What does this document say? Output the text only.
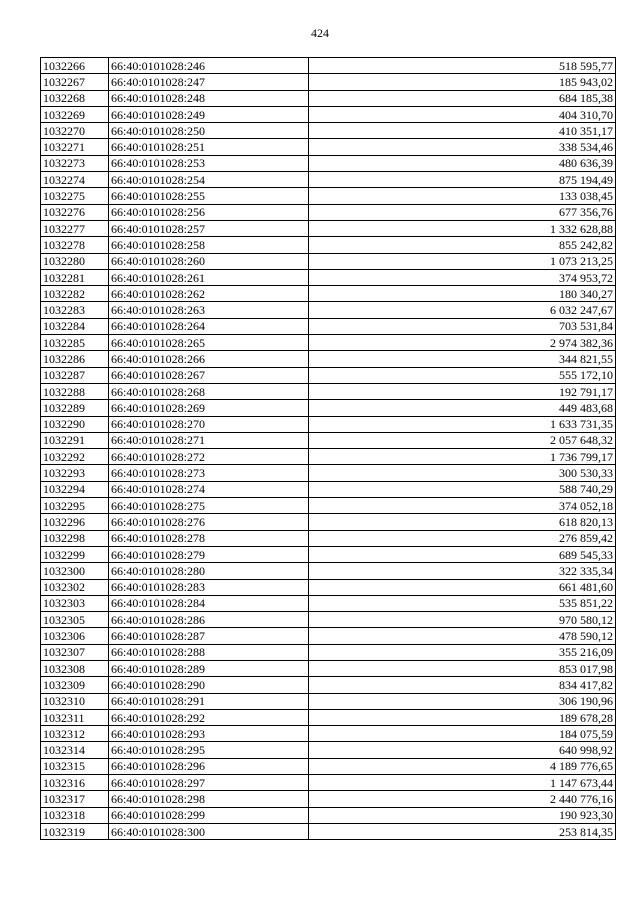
424
1032266	66:40:0101028:246	518 595,77
1032267	66:40:0101028:247	185 943,02
1032268	66:40:0101028:248	684 185,38
1032269	66:40:0101028:249	404 310,70
1032270	66:40:0101028:250	410 351,17
1032271	66:40:0101028:251	338 534,46
1032273	66:40:0101028:253	480 636,39
1032274	66:40:0101028:254	875 194,49
1032275	66:40:0101028:255	133 038,45
1032276	66:40:0101028:256	677 356,76
1032277	66:40:0101028:257	1 332 628,88
1032278	66:40:0101028:258	855 242,82
1032280	66:40:0101028:260	1 073 213,25
1032281	66:40:0101028:261	374 953,72
1032282	66:40:0101028:262	180 340,27
1032283	66:40:0101028:263	6 032 247,67
1032284	66:40:0101028:264	703 531,84
1032285	66:40:0101028:265	2 974 382,36
1032286	66:40:0101028:266	344 821,55
1032287	66:40:0101028:267	555 172,10
1032288	66:40:0101028:268	192 791,17
1032289	66:40:0101028:269	449 483,68
1032290	66:40:0101028:270	1 633 731,35
1032291	66:40:0101028:271	2 057 648,32
1032292	66:40:0101028:272	1 736 799,17
1032293	66:40:0101028:273	300 530,33
1032294	66:40:0101028:274	588 740,29
1032295	66:40:0101028:275	374 052,18
1032296	66:40:0101028:276	618 820,13
1032298	66:40:0101028:278	276 859,42
1032299	66:40:0101028:279	689 545,33
1032300	66:40:0101028:280	322 335,34
1032302	66:40:0101028:283	661 481,60
1032303	66:40:0101028:284	535 851,22
1032305	66:40:0101028:286	970 580,12
1032306	66:40:0101028:287	478 590,12
1032307	66:40:0101028:288	355 216,09
1032308	66:40:0101028:289	853 017,98
1032309	66:40:0101028:290	834 417,82
1032310	66:40:0101028:291	306 190,96
1032311	66:40:0101028:292	189 678,28
1032312	66:40:0101028:293	184 075,59
1032314	66:40:0101028:295	640 998,92
1032315	66:40:0101028:296	4 189 776,65
1032316	66:40:0101028:297	1 147 673,44
1032317	66:40:0101028:298	2 440 776,16
1032318	66:40:0101028:299	190 923,30
1032319	66:40:0101028:300	253 814,35
